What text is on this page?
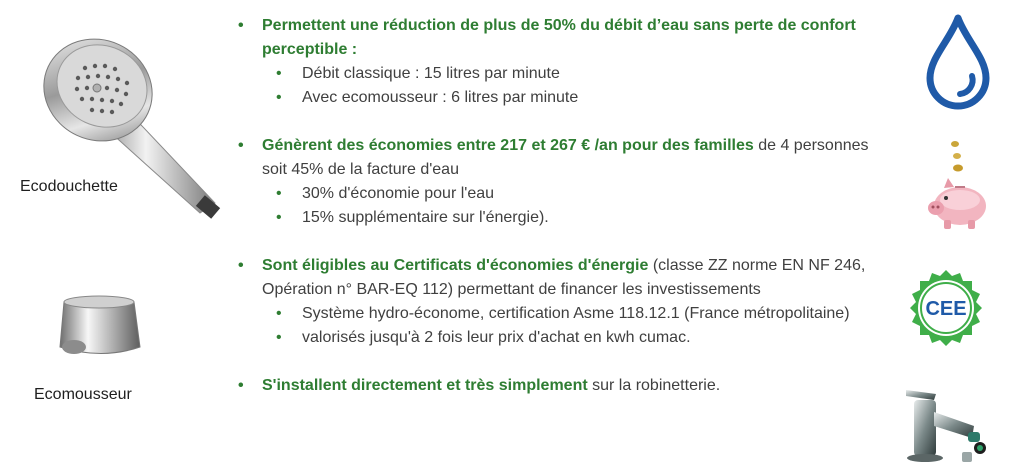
Ecodouchette
Ecomousseur
• Permettent une réduction de plus de 50% du débit d’eau sans perte de confort perceptible :
• Débit classique : 15 litres par minute
• Avec ecomousseur : 6 litres par minute
• Génèrent des économies entre 217 et 267 € /an pour des familles de 4 personnes soit 45% de la facture d'eau
• 30% d'économie pour l'eau
• 15% supplémentaire sur l'énergie).
• Sont éligibles au Certificats d'économies d'énergie (classe ZZ norme EN NF 246, Opération n° BAR-EQ 112) permettant de financer les investissements
• Système hydro-économe, certification Asme 118.12.1 (France métropolitaine)
• valorisés jusqu'à 2 fois leur prix d'achat en kwh cumac.
• S'installent directement et très simplement sur la robinetterie.
CEE
